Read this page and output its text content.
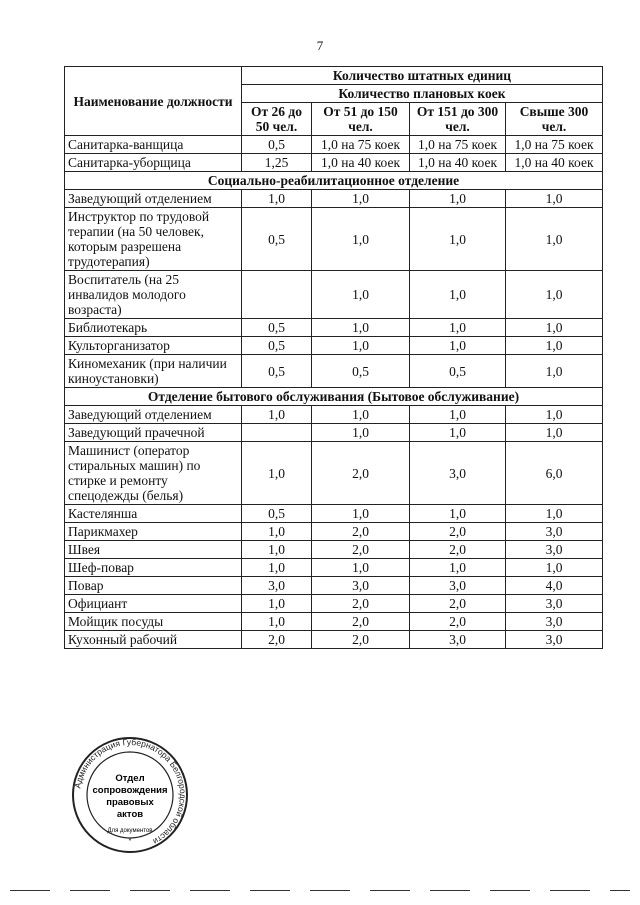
7
Наименование должности	Количество штатных единиц			
	Количество плановых коек			
	От 26 до 50 чел.	От 51 до 150 чел.	От 151 до 300 чел.	Свыше 300 чел.
Санитарка-ванщица	0,5	1,0 на 75 коек	1,0 на 75 коек	1,0 на 75 коек
Санитарка-уборщица	1,25	1,0 на 40 коек	1,0 на 40 коек	1,0 на 40 коек
Социально-реабилитационное отделение				
Заведующий отделением	1,0	1,0	1,0	1,0
Инструктор по трудовой терапии (на 50 человек, которым разрешена трудотерапия)	0,5	1,0	1,0	1,0
Воспитатель (на 25 инвалидов молодого возраста)		1,0	1,0	1,0
Библиотекарь	0,5	1,0	1,0	1,0
Культорганизатор	0,5	1,0	1,0	1,0
Киномеханик (при наличии киноустановки)	0,5	0,5	0,5	1,0
Отделение бытового обслуживания (Бытовое обслуживание)				
Заведующий отделением	1,0	1,0	1,0	1,0
Заведующий прачечной		1,0	1,0	1,0
Машинист (оператор стиральных машин) по стирке и ремонту спецодежды (белья)	1,0	2,0	3,0	6,0
Кастелянша	0,5	1,0	1,0	1,0
Парикмахер	1,0	2,0	2,0	3,0
Швея	1,0	2,0	2,0	3,0
Шеф-повар	1,0	1,0	1,0	1,0
Повар	3,0	3,0	3,0	4,0
Официант	1,0	2,0	2,0	3,0
Мойщик посуды	1,0	2,0	2,0	3,0
Кухонный рабочий	2,0	2,0	3,0	3,0
Администрация Губернатора Белгородской области
Отдел
сопровождения
правовых
актов
Для документов
*
